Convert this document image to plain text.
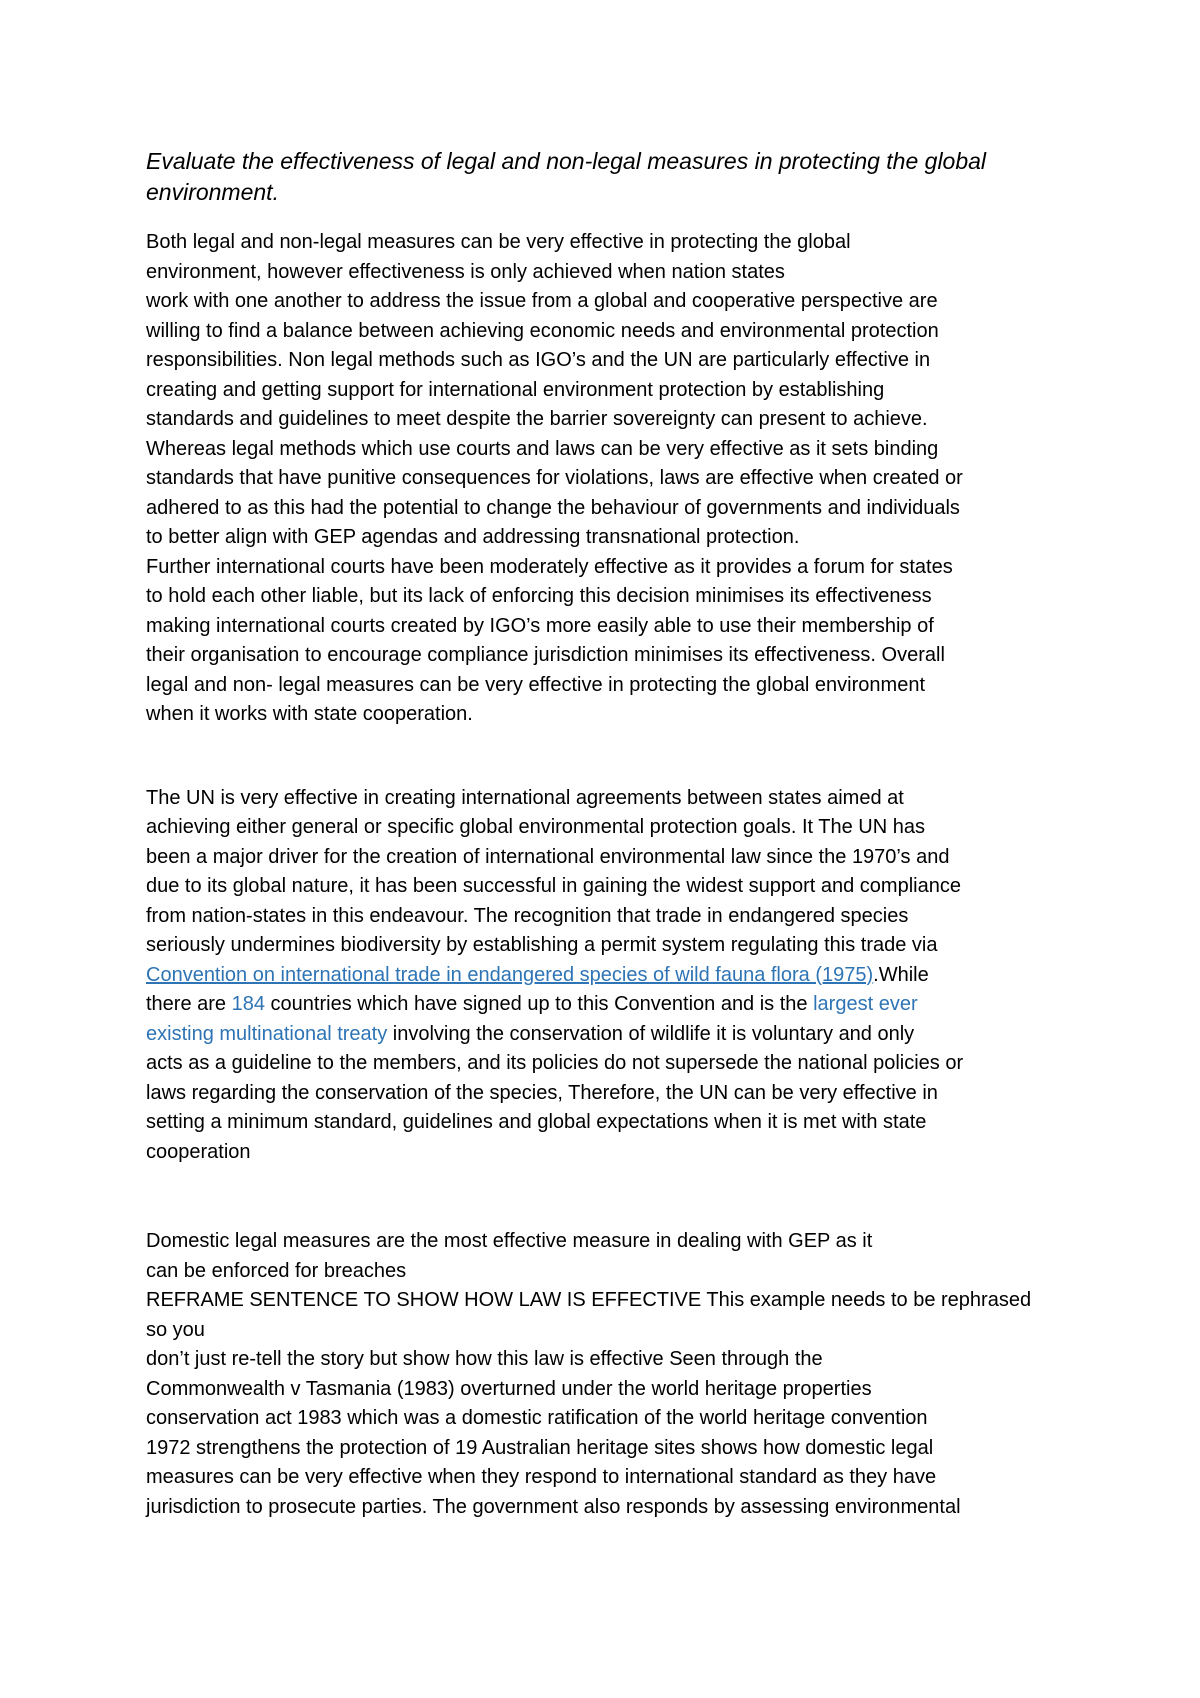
Evaluate the effectiveness of legal and non-legal measures in protecting the global
environment.
Both legal and non-legal measures can be very effective in protecting the global
environment, however effectiveness is only achieved when nation states
work with one another to address the issue from a global and cooperative perspective are
willing to find a balance between achieving economic needs and environmental protection
responsibilities. Non legal methods such as IGO’s and the UN are particularly effective in
creating and getting support for international environment protection by establishing
standards and guidelines to meet despite the barrier sovereignty can present to achieve.
Whereas legal methods which use courts and laws can be very effective as it sets binding
standards that have punitive consequences for violations, laws are effective when created or
adhered to as this had the potential to change the behaviour of governments and individuals
to better align with GEP agendas and addressing transnational protection.
Further international courts have been moderately effective as it provides a forum for states
to hold each other liable, but its lack of enforcing this decision minimises its effectiveness
making international courts created by IGO’s more easily able to use their membership of
their organisation to encourage compliance jurisdiction minimises its effectiveness. Overall
legal and non- legal measures can be very effective in protecting the global environment
when it works with state cooperation.
The UN is very effective in creating international agreements between states aimed at
achieving either general or specific global environmental protection goals. It The UN has
been a major driver for the creation of international environmental law since the 1970’s and
due to its global nature, it has been successful in gaining the widest support and compliance
from nation-states in this endeavour. The recognition that trade in endangered species
seriously undermines biodiversity by establishing a permit system regulating this trade via
Convention on international trade in endangered species of wild fauna flora (1975).While
there are 184 countries which have signed up to this Convention and is the largest ever
existing multinational treaty involving the conservation of wildlife it is voluntary and only
acts as a guideline to the members, and its policies do not supersede the national policies or
laws regarding the conservation of the species, Therefore, the UN can be very effective in
setting a minimum standard, guidelines and global expectations when it is met with state
cooperation
Domestic legal measures are the most effective measure in dealing with GEP as it
can be enforced for breaches
REFRAME SENTENCE TO SHOW HOW LAW IS EFFECTIVE This example needs to be rephrased
so you
don’t just re-tell the story but show how this law is effective Seen through the
Commonwealth v Tasmania (1983) overturned under the world heritage properties
conservation act 1983 which was a domestic ratification of the world heritage convention
1972 strengthens the protection of 19 Australian heritage sites shows how domestic legal
measures can be very effective when they respond to international standard as they have
jurisdiction to prosecute parties. The government also responds by assessing environmental
